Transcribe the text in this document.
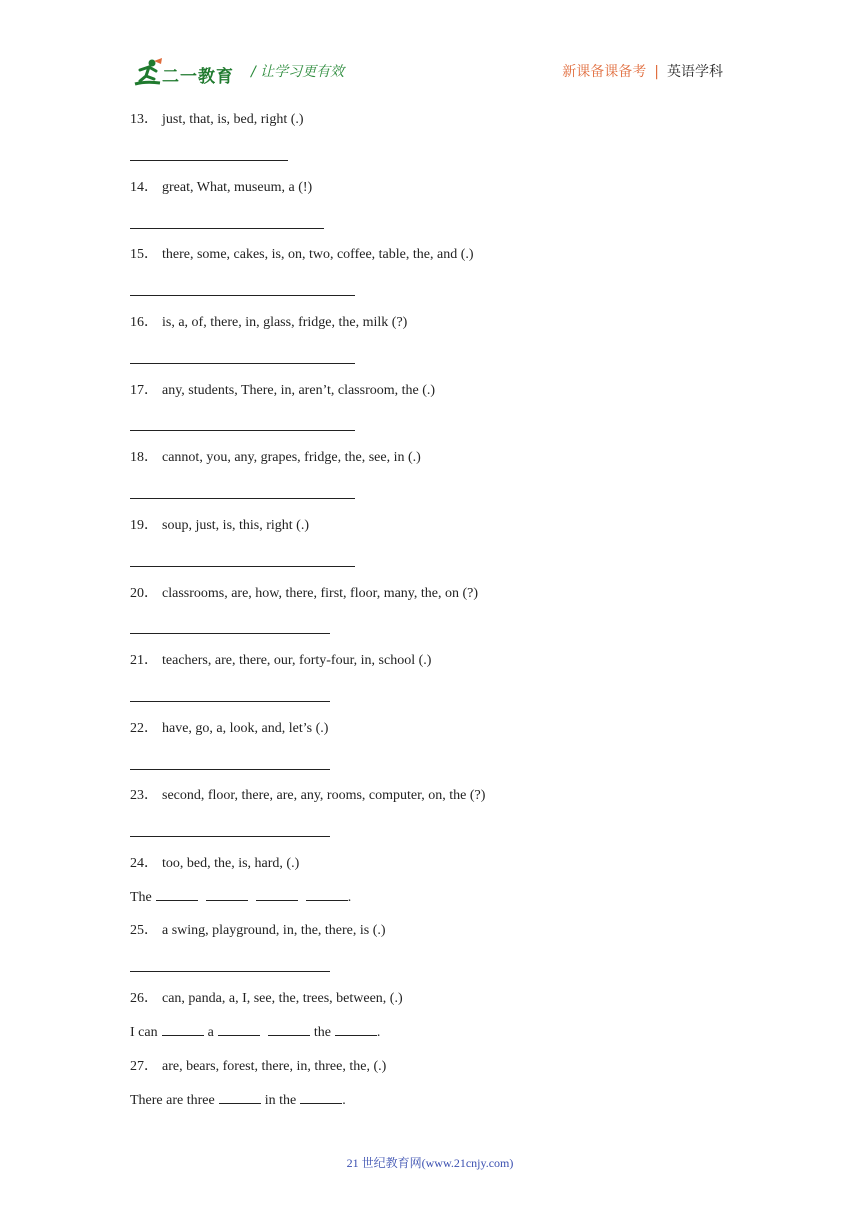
二一教育 / 让学习更有效	新课备课备考 | 英语学科
13． just, that, is, bed, right (.)
14． great, What, museum, a (!)
15． there, some, cakes, is, on, two, coffee, table, the, and (.)
16． is, a, of, there, in, glass, fridge, the, milk (?)
17． any, students, There, in, aren’t, classroom, the (.)
18． cannot, you, any, grapes, fridge, the, see, in (.)
19． soup, just, is, this, right (.)
20． classrooms, are, how, there, first, floor, many, the, on (?)
21． teachers, are, there, our, forty-four, in, school (.)
22． have, go, a, look, and, let’s (.)
23． second, floor, there, are, any, rooms, computer, on, the (?)
24． too, bed, the, is, hard, (.)
The	.
25． a swing, playground, in, the, there, is (.)
26． can, panda, a, I, see, the, trees, between, (.)
I can	a	the	.
27． are, bears, forest, there, in, three, the, (.)
There are three	in the	.
21 世纪教育网(www.21cnjy.com)
